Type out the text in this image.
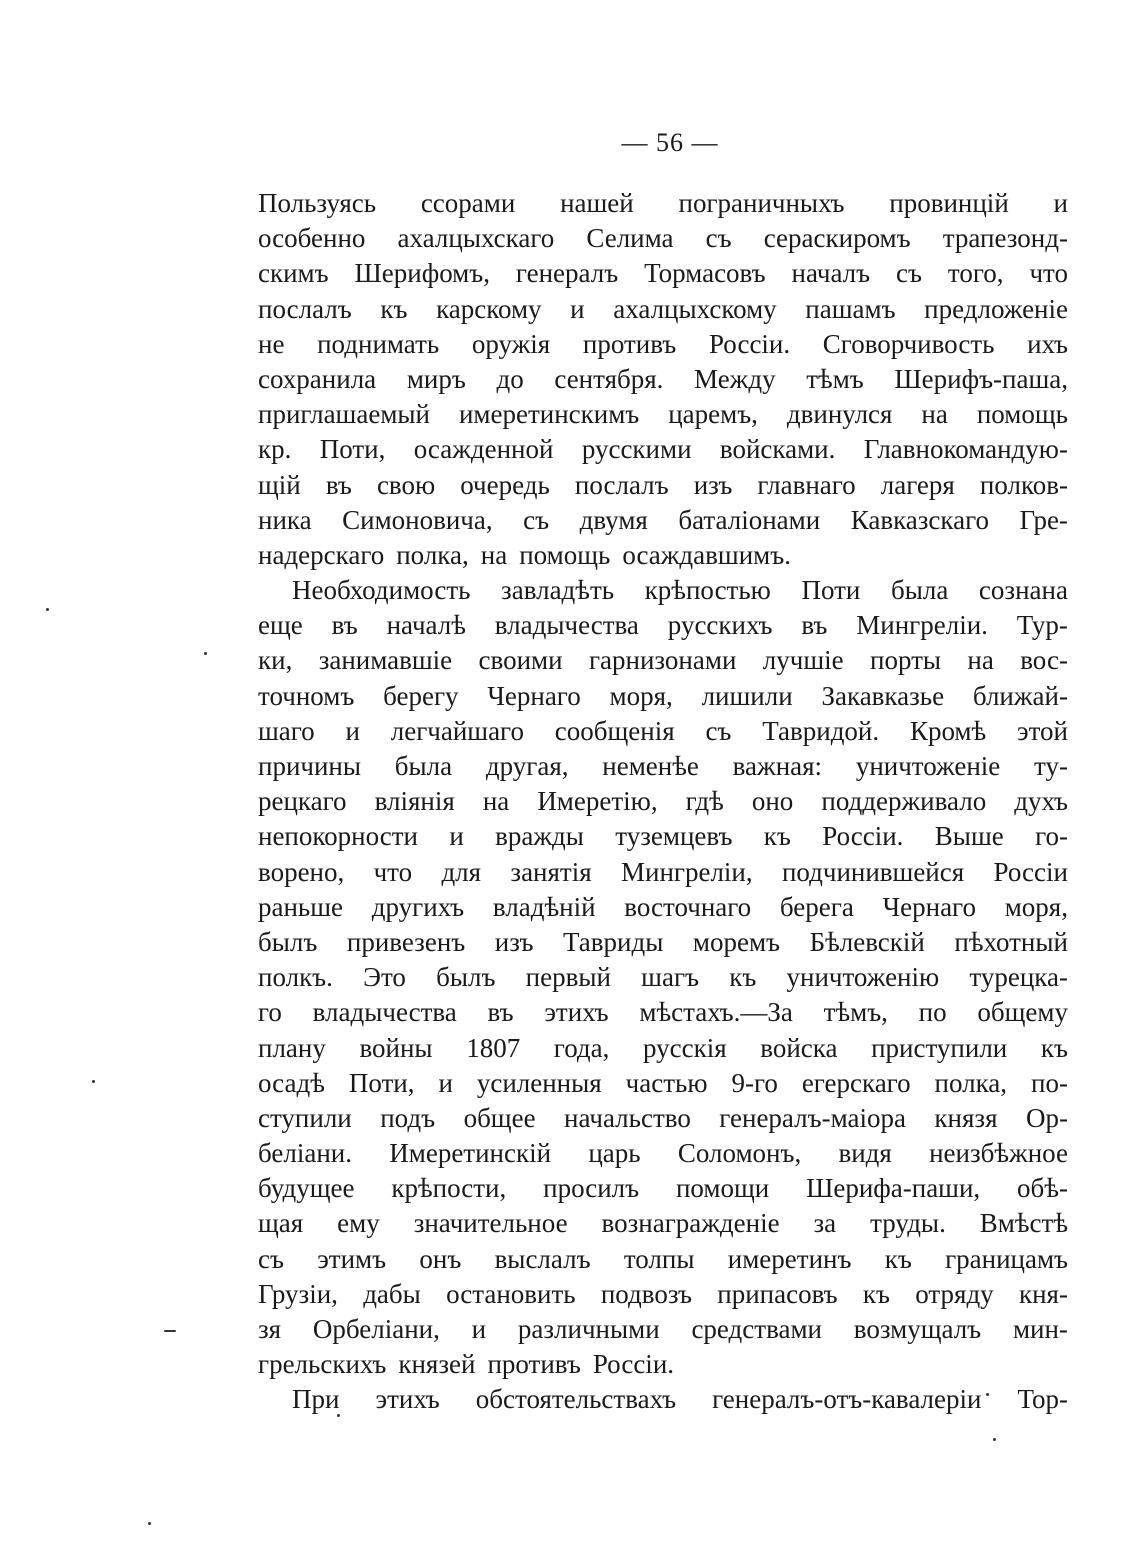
— 56 —
Пользуясь ссорами нашей пограничныхъ провинцій и
особенно ахалцыхскаго Селима съ сераскиромъ трапезонд-
скимъ Шерифомъ, генералъ Тормасовъ началъ съ того, что
послалъ къ карскому и ахалцыхскому пашамъ предложеніе
не поднимать оружія противъ Россіи. Сговорчивость ихъ
сохранила миръ до сентября. Между тѣмъ Шерифъ-паша,
приглашаемый имеретинскимъ царемъ, двинулся на помощь
кр. Поти, осажденной русскими войсками. Главнокомандую-
щій въ свою очередь послалъ изъ главнаго лагеря полков-
ника Симоновича, съ двумя баталіонами Кавказскаго Гре-
надерскаго полка, на помощь осаждавшимъ.
Необходимость завладѣть крѣпостью Поти была сознана
еще въ началѣ владычества русскихъ въ Мингреліи. Тур-
ки, занимавшіе своими гарнизонами лучшіе порты на вос-
точномъ берегу Чернаго моря, лишили Закавказье ближай-
шаго и легчайшаго сообщенія съ Тавридой. Кромѣ этой
причины была другая, неменѣе важная: уничтоженіе ту-
рецкаго вліянія на Имеретію, гдѣ оно поддерживало духъ
непокорности и вражды туземцевъ къ Россіи. Выше го-
ворено, что для занятія Мингреліи, подчинившейся Россіи
раньше другихъ владѣній восточнаго берега Чернаго моря,
былъ привезенъ изъ Тавриды моремъ Бѣлевскій пѣхотный
полкъ. Это былъ первый шагъ къ уничтоженію турецка-
го владычества въ этихъ мѣстахъ.—За тѣмъ, по общему
плану войны 1807 года, русскія войска приступили къ
осадѣ Поти, и усиленныя частью 9-го егерскаго полка, по-
ступили подъ общее начальство генералъ-маіора князя Ор-
беліани. Имеретинскій царь Соломонъ, видя неизбѣжное
будущее крѣпости, просилъ помощи Шерифа-паши, обѣ-
щая ему значительное вознагражденіе за труды. Вмѣстѣ
съ этимъ онъ выслалъ толпы имеретинъ къ границамъ
Грузіи, дабы остановить подвозъ припасовъ къ отряду кня-
зя Орбеліани, и различными средствами возмущалъ мин-
грельскихъ князей противъ Россіи.
При этихъ обстоятельствахъ генералъ-отъ-кавалеріи Тор-
